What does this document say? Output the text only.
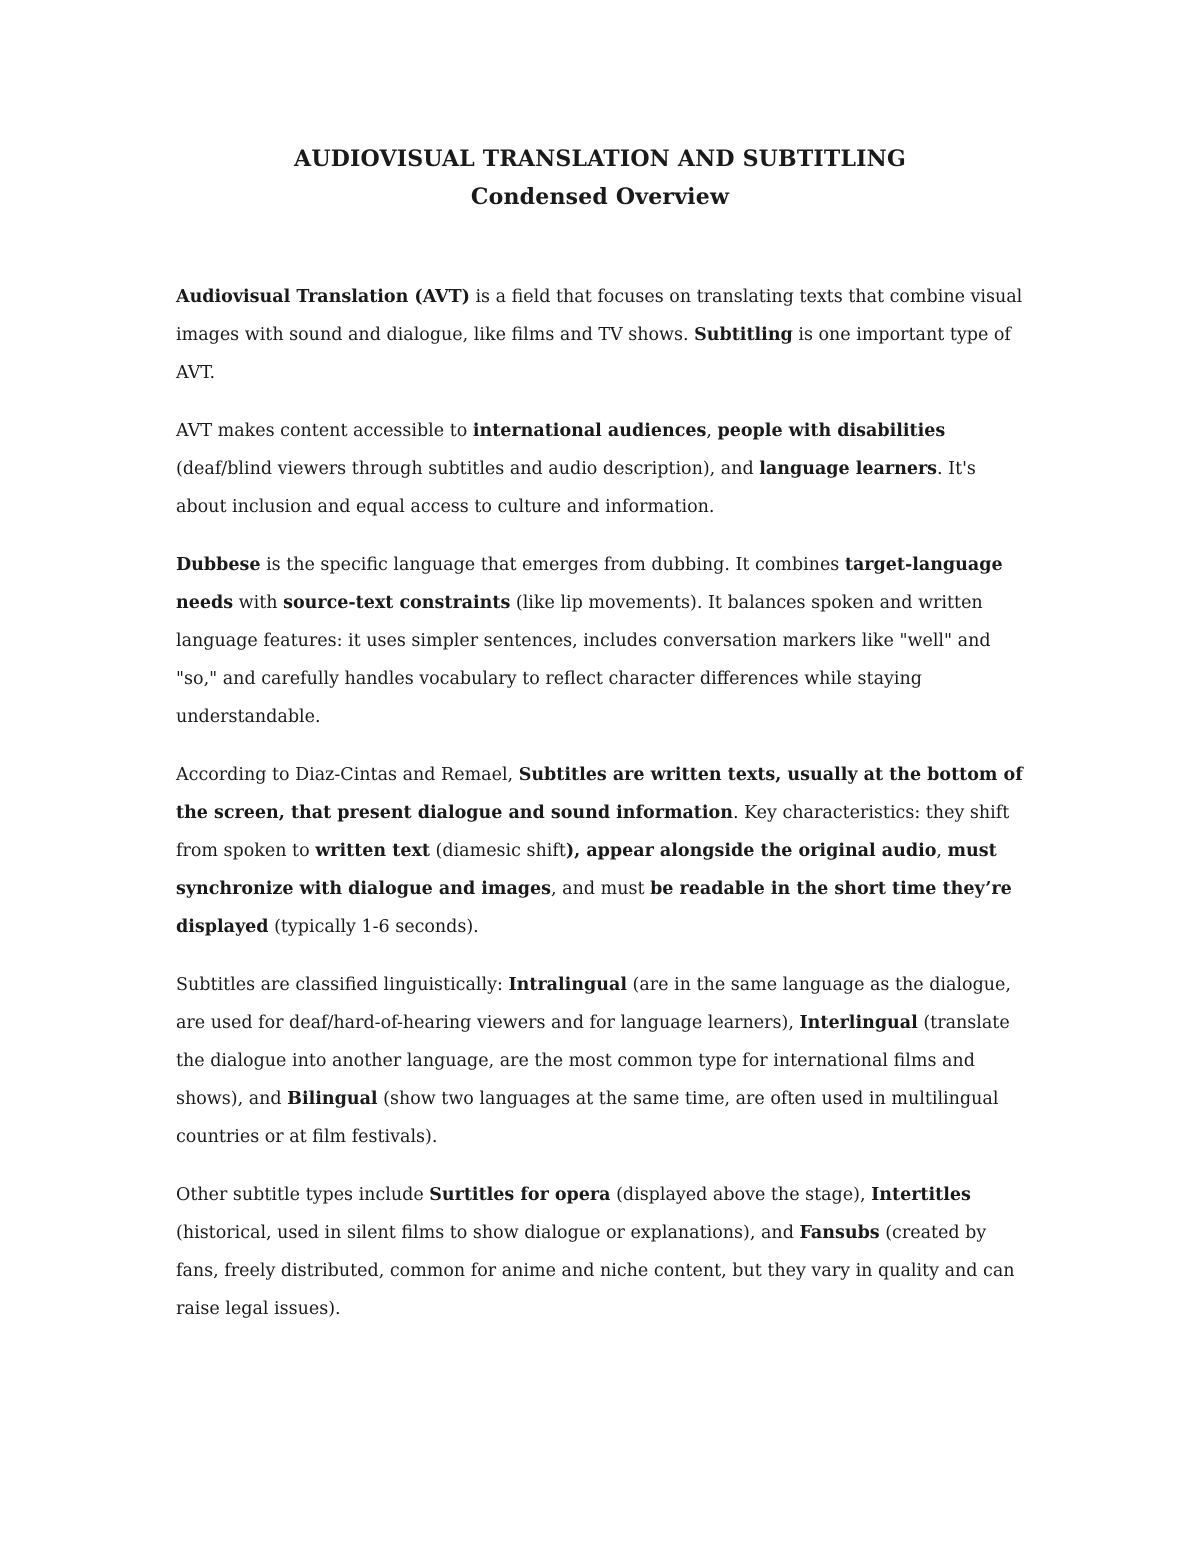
AUDIOVISUAL TRANSLATION AND SUBTITLING
Condensed Overview

Audiovisual Translation (AVT) is a field that focuses on translating texts that combine visual images with sound and dialogue, like films and TV shows. Subtitling is one important type of AVT.

AVT makes content accessible to international audiences, people with disabilities (deaf/blind viewers through subtitles and audio description), and language learners. It's about inclusion and equal access to culture and information.

Dubbese is the specific language that emerges from dubbing. It combines target-language needs with source-text constraints (like lip movements). It balances spoken and written language features: it uses simpler sentences, includes conversation markers like "well" and "so," and carefully handles vocabulary to reflect character differences while staying understandable.

According to Diaz-Cintas and Remael, Subtitles are written texts, usually at the bottom of the screen, that present dialogue and sound information. Key characteristics: they shift from spoken to written text (diamesic shift), appear alongside the original audio, must synchronize with dialogue and images, and must be readable in the short time they’re displayed (typically 1-6 seconds).

Subtitles are classified linguistically: Intralingual (are in the same language as the dialogue, are used for deaf/hard-of-hearing viewers and for language learners), Interlingual (translate the dialogue into another language, are the most common type for international films and shows), and Bilingual (show two languages at the same time, are often used in multilingual countries or at film festivals).

Other subtitle types include Surtitles for opera (displayed above the stage), Intertitles (historical, used in silent films to show dialogue or explanations), and Fansubs (created by fans, freely distributed, common for anime and niche content, but they vary in quality and can raise legal issues).
